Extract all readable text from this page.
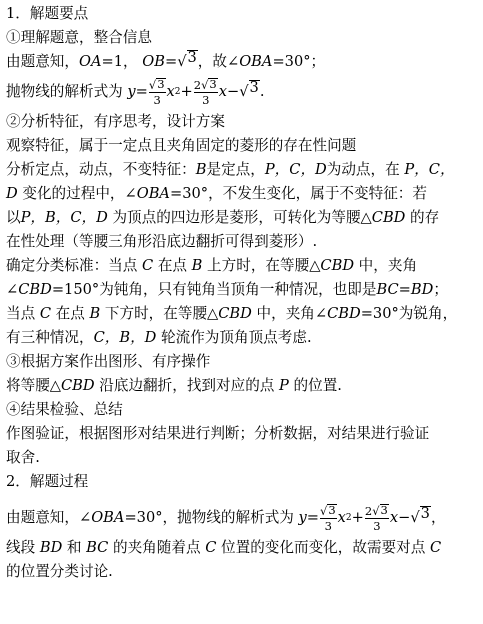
1．解题要点
①理解题意，整合信息
由题意知，OA=1， OB= √ 3 ，故∠OBA=30°；
抛物线的解析式为
$y = \frac{√ 3}{3}$ x $2 + \frac{2 √ 3}{3}$ x − √ 3 .
②分析特征，有序思考，设计方案
观察特征，属于一定点且夹角固定的菱形的存在性问题
分析定点，动点，不变特征：B是定点，P，C，D为动点，在 P，C，
D 变化的过程中，∠OBA=30°，不发生变化，属于不变特征：若
以P，B，C，D 为顶点的四边形是菱形，可转化为等腰△CBD 的存
在性处理（等腰三角形沿底边翻折可得到菱形）.
确定分类标准：当点 C 在点 B 上方时，在等腰△CBD 中，夹角
∠CBD=150°为钝角，只有钝角当顶角一种情况，也即是BC=BD；
当点 C 在点 B 下方时，在等腰△CBD 中，夹角∠CBD=30°为锐角，
有三种情况，C，B，D 轮流作为顶角顶点考虑.
③根据方案作出图形、有序操作
将等腰△CBD 沿底边翻折，找到对应的点 P 的位置.
④结果检验、总结
作图验证，根据图形对结果进行判断；分析数据，对结果进行验证
取舍.
2．解题过程
由题意知，∠ OBA =30°，抛物线的解析式为
$y = \frac{√ 3}{3}$ x $2 + \frac{2 √ 3}{3}$ x − √ 3 ，
线段 BD 和 BC 的夹角随着点 C 位置的变化而变化，故需要对点 C
的位置分类讨论.
